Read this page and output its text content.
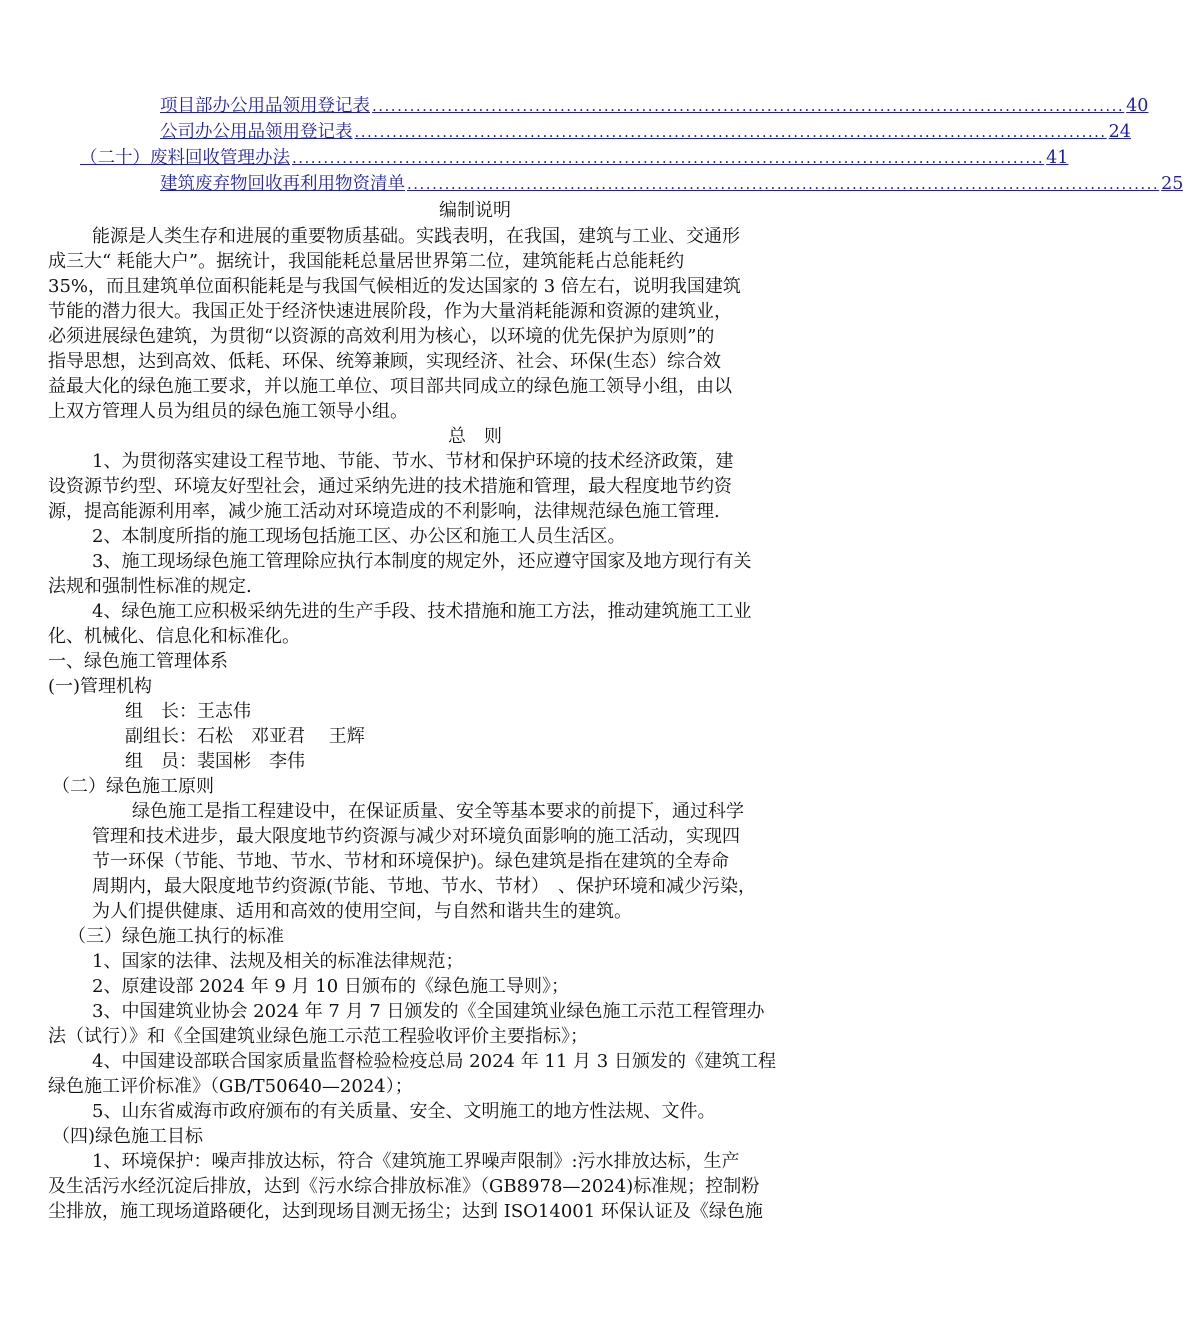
项目部办公用品领用登记表 ........................................................................................................................ 40
公司办公用品领用登记表 ........................................................................................................................ 24
（二十）废料回收管理办法 ........................................................................................................................ 41
建筑废弃物回收再利用物资清单 ........................................................................................................................ 25
编制说明
能源是人类生存和进展的重要物质基础。实践表明，在我国，建筑与工业、交通形
成三大“ 耗能大户”。据统计，我国能耗总量居世界第二位，建筑能耗占总能耗约
35%，而且建筑单位面积能耗是与我国气候相近的发达国家的 3 倍左右，说明我国建筑
节能的潜力很大。我国正处于经济快速进展阶段，作为大量消耗能源和资源的建筑业，
必须进展绿色建筑，为贯彻“以资源的高效利用为核心，以环境的优先保护为原则”的
指导思想，达到高效、低耗、环保、统筹兼顾，实现经济、社会、环保(生态）综合效
益最大化的绿色施工要求，并以施工单位、项目部共同成立的绿色施工领导小组，由以
上双方管理人员为组员的绿色施工领导小组。
总　则
1、为贯彻落实建设工程节地、节能、节水、节材和保护环境的技术经济政策，建
设资源节约型、环境友好型社会，通过采纳先进的技术措施和管理，最大程度地节约资
源，提高能源利用率，减少施工活动对环境造成的不利影响，法律规范绿色施工管理.
2、本制度所指的施工现场包括施工区、办公区和施工人员生活区。
3、施工现场绿色施工管理除应执行本制度的规定外，还应遵守国家及地方现行有关
法规和强制性标准的规定.
4、绿色施工应积极采纳先进的生产手段、技术措施和施工方法，推动建筑施工工业
化、机械化、信息化和标准化。
一、绿色施工管理体系
(一)管理机构
组　长：王志伟
副组长：石松　邓亚君　 王辉
组　员：裴国彬　李伟
（二）绿色施工原则
绿色施工是指工程建设中，在保证质量、安全等基本要求的前提下，通过科学
管理和技术进步，最大限度地节约资源与减少对环境负面影响的施工活动，实现四
节一环保（节能、节地、节水、节材和环境保护)。绿色建筑是指在建筑的全寿命
周期内，最大限度地节约资源(节能、节地、节水、节材）　、保护环境和减少污染，
为人们提供健康、适用和高效的使用空间，与自然和谐共生的建筑。
（三）绿色施工执行的标准
1、国家的法律、法规及相关的标准法律规范；
2、原建设部 2024 年 9 月 10 日颁布的《绿色施工导则》；
3、中国建筑业协会 2024 年 7 月 7 日颁发的《全国建筑业绿色施工示范工程管理办
法（试行）》和《全国建筑业绿色施工示范工程验收评价主要指标》；
4、中国建设部联合国家质量监督检验检疫总局 2024 年 11 月 3 日颁发的《建筑工程
绿色施工评价标准》（GB/T50640—2024）；
5、山东省威海市政府颁布的有关质量、安全、文明施工的地方性法规、文件。
（四)绿色施工目标
1、环境保护：噪声排放达标，符合《建筑施工界噪声限制》:污水排放达标，生产
及生活污水经沉淀后排放，达到《污水综合排放标准》（GB8978—2024)标准规；控制粉
尘排放，施工现场道路硬化，达到现场目测无扬尘；达到 ISO14001 环保认证及《绿色施
